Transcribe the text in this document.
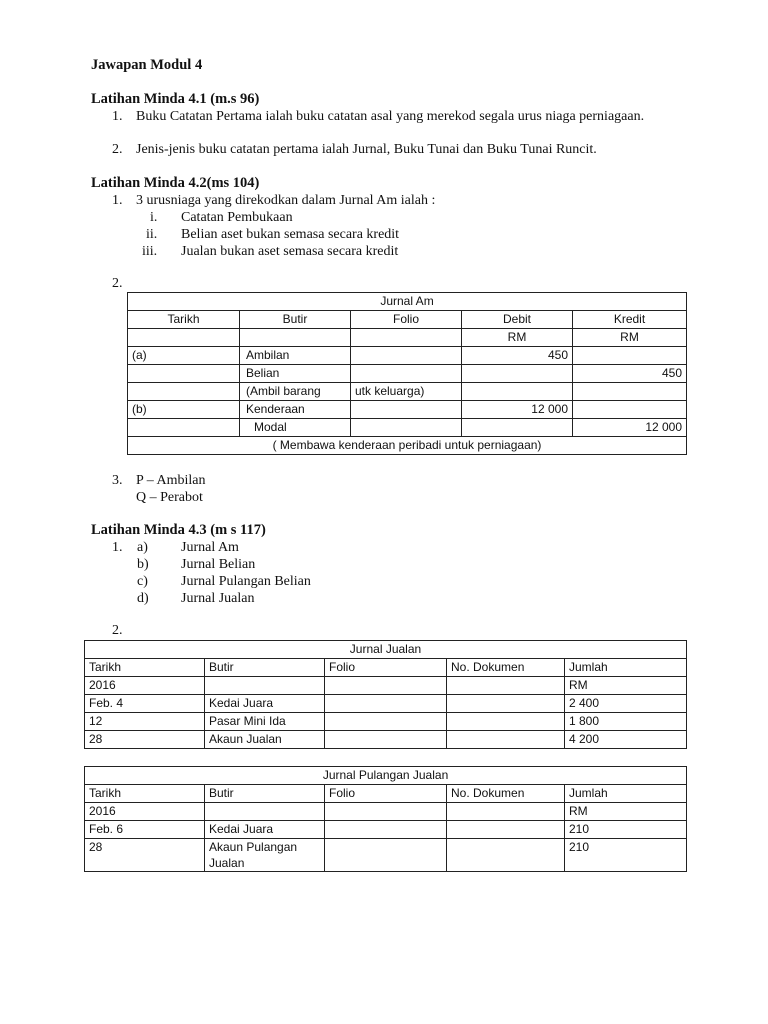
Jawapan Modul 4
Latihan Minda 4.1 (m.s 96)
1. Buku Catatan Pertama ialah buku catatan asal yang merekod segala urus niaga perniagaan.
2. Jenis-jenis buku catatan pertama ialah Jurnal, Buku Tunai dan Buku Tunai Runcit.
Latihan Minda 4.2(ms 104)
1. 3 urusniaga yang direkodkan dalam Jurnal Am ialah :
i. Catatan Pembukaan
ii. Belian aset bukan semasa secara kredit
iii. Jualan bukan aset semasa secara kredit
2.
Jurnal Am				
Tarikh	Butir	Folio	Debit	Kredit
			RM	RM
(a)	Ambilan		450	
	Belian			450
	(Ambil barang	utk keluarga)		
(b)	Kenderaan		12 000	
	Modal			12 000
( Membawa kenderaan peribadi untuk perniagaan)				
3. P – Ambilan
Q – Perabot
Latihan Minda 4.3 (m s 117)
1. a) Jurnal Am
b) Jurnal Belian
c) Jurnal Pulangan Belian
d) Jurnal Jualan
2.
Jurnal Jualan				
Tarikh	Butir	Folio	No. Dokumen	Jumlah
2016				RM
Feb. 4	Kedai Juara			2 400
12	Pasar Mini Ida			1 800
28	Akaun Jualan			4 200
Jurnal Pulangan Jualan				
Tarikh	Butir	Folio	No. Dokumen	Jumlah
2016				RM
Feb. 6	Kedai Juara			210
28	Akaun Pulangan Jualan			210
